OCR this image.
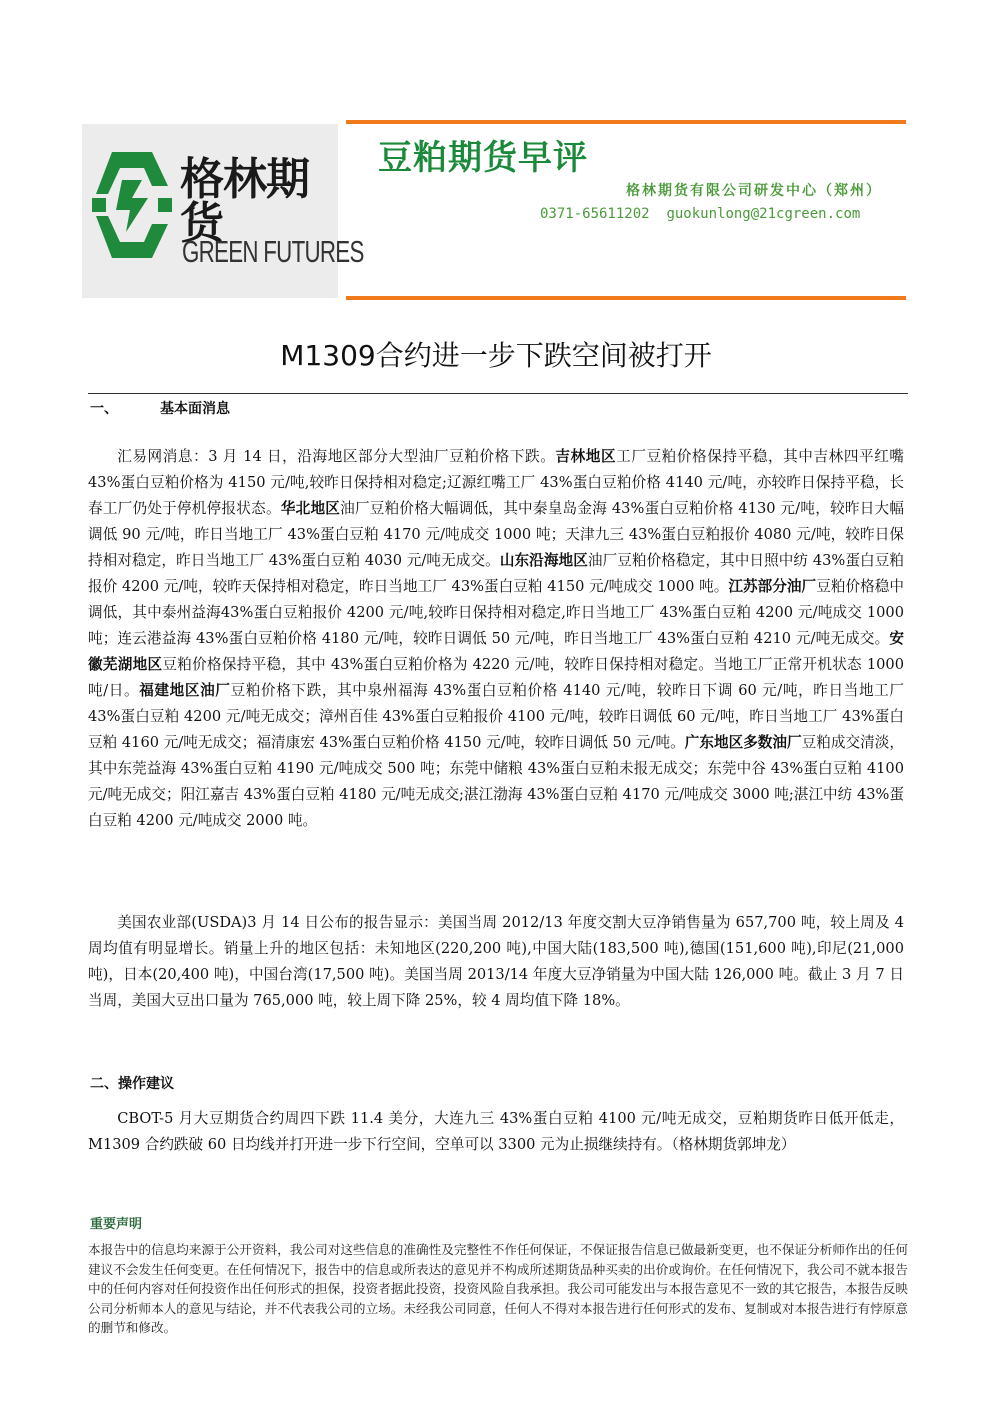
格林期货
GREEN FUTURES
豆粕期货早评
格林期货有限公司研发中心（郑州）
0371-65611202 guokunlong@21cgreen.com
M1309合约进一步下跌空间被打开
一、	基本面消息

汇易网消息：3 月 14 日，沿海地区部分大型油厂豆粕价格下跌。吉林地区工厂豆粕价格保持平稳，其中吉林四平红嘴 43%蛋白豆粕价格为 4150 元/吨,较昨日保持相对稳定;辽源红嘴工厂 43%蛋白豆粕价格 4140 元/吨，亦较昨日保持平稳，长春工厂仍处于停机停报状态。华北地区油厂豆粕价格大幅调低，其中秦皇岛金海 43%蛋白豆粕价格 4130 元/吨，较昨日大幅调低 90 元/吨，昨日当地工厂 43%蛋白豆粕 4170 元/吨成交 1000 吨；天津九三 43%蛋白豆粕报价 4080 元/吨，较昨日保持相对稳定，昨日当地工厂 43%蛋白豆粕 4030 元/吨无成交。山东沿海地区油厂豆粕价格稳定，其中日照中纺 43%蛋白豆粕报价 4200 元/吨，较昨天保持相对稳定，昨日当地工厂 43%蛋白豆粕 4150 元/吨成交 1000 吨。江苏部分油厂豆粕价格稳中调低，其中泰州益海43%蛋白豆粕报价 4200 元/吨,较昨日保持相对稳定,昨日当地工厂 43%蛋白豆粕 4200 元/吨成交 1000 吨；连云港益海 43%蛋白豆粕价格 4180 元/吨，较昨日调低 50 元/吨，昨日当地工厂 43%蛋白豆粕 4210 元/吨无成交。安徽芜湖地区豆粕价格保持平稳，其中 43%蛋白豆粕价格为 4220 元/吨，较昨日保持相对稳定。当地工厂正常开机状态 1000 吨/日。福建地区油厂豆粕价格下跌，其中泉州福海 43%蛋白豆粕价格 4140 元/吨，较昨日下调 60 元/吨，昨日当地工厂 43%蛋白豆粕 4200 元/吨无成交；漳州百佳 43%蛋白豆粕报价 4100 元/吨，较昨日调低 60 元/吨，昨日当地工厂 43%蛋白豆粕 4160 元/吨无成交；福清康宏 43%蛋白豆粕价格 4150 元/吨，较昨日调低 50 元/吨。广东地区多数油厂豆粕成交清淡，其中东莞益海 43%蛋白豆粕 4190 元/吨成交 500 吨；东莞中储粮 43%蛋白豆粕未报无成交；东莞中谷 43%蛋白豆粕 4100 元/吨无成交；阳江嘉吉 43%蛋白豆粕 4180 元/吨无成交;湛江渤海 43%蛋白豆粕 4170 元/吨成交 3000 吨;湛江中纺 43%蛋白豆粕 4200 元/吨成交 2000 吨。

美国农业部(USDA)3 月 14 日公布的报告显示：美国当周 2012/13 年度交割大豆净销售量为 657,700 吨，较上周及 4 周均值有明显增长。销量上升的地区包括：未知地区(220,200 吨),中国大陆(183,500 吨),德国(151,600 吨),印尼(21,000 吨)，日本(20,400 吨)，中国台湾(17,500 吨)。美国当周 2013/14 年度大豆净销量为中国大陆 126,000 吨。截止 3 月 7 日当周，美国大豆出口量为 765,000 吨，较上周下降 25%，较 4 周均值下降 18%。

二、操作建议

CBOT-5 月大豆期货合约周四下跌 11.4 美分，大连九三 43%蛋白豆粕 4100 元/吨无成交，豆粕期货昨日低开低走，M1309 合约跌破 60 日均线并打开进一步下行空间，空单可以 3300 元为止损继续持有。（格林期货郭坤龙）

重要声明

本报告中的信息均来源于公开资料，我公司对这些信息的准确性及完整性不作任何保证，不保证报告信息已做最新变更，也不保证分析师作出的任何建议不会发生任何变更。在任何情况下，报告中的信息或所表达的意见并不构成所述期货品种买卖的出价或询价。在任何情况下，我公司不就本报告中的任何内容对任何投资作出任何形式的担保，投资者据此投资，投资风险自我承担。我公司可能发出与本报告意见不一致的其它报告，本报告反映公司分析师本人的意见与结论，并不代表我公司的立场。未经我公司同意，任何人不得对本报告进行任何形式的发布、复制或对本报告进行有悖原意的删节和修改。
